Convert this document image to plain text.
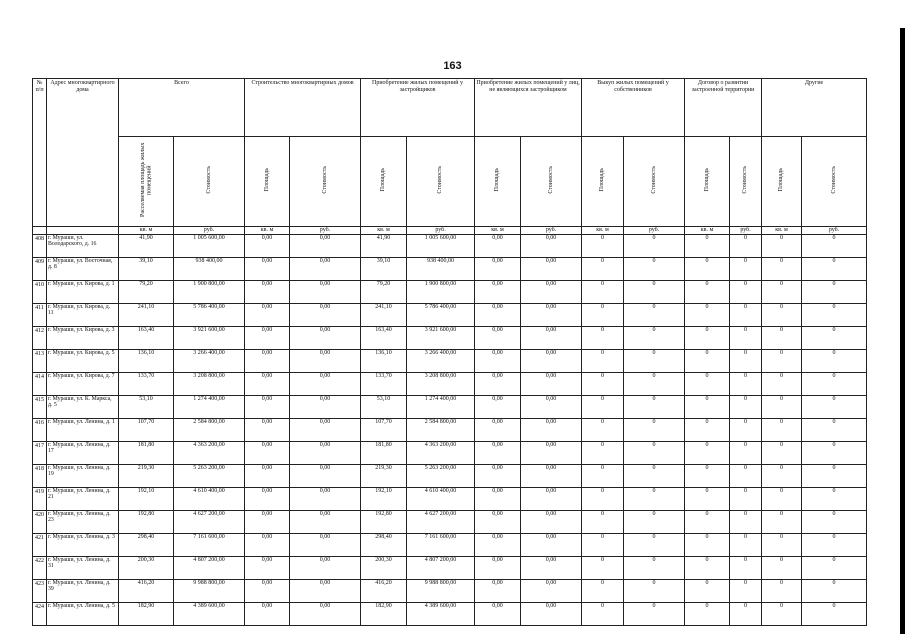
163
№ п/п	Адрес многоквартирного дома	Всего		Строительство многоквартирных домов		Приобретение жилых помещений у застройщиков		Приобретение жилых помещений у лиц, не являющихся застройщиком		Выкуп жилых помещений у собственников		Договор о развитии застроенной территории		Другие	
		Расселяемая площадь жилых помещений	Стоимость	Площадь	Стоимость	Площадь	Стоимость	Площадь	Стоимость	Площадь	Стоимость	Площадь	Стоимость	Площадь	Стоимость
		кв. м	руб.	кв. м	руб.	кв. м	руб.	кв. м	руб.	кв. м	руб.	кв. м	руб.	кв. м	руб.
408	г. Мураши, ул. Володарского, д. 16	41,90	1 005 600,00	0,00	0,00	41,90	1 005 600,00	0,00	0,00	0	0	0	0	0	0
409	г. Мураши, ул. Восточная, д. 8	39,10	938 400,00	0,00	0,00	39,10	938 400,00	0,00	0,00	0	0	0	0	0	0
410	г. Мураши, ул. Кирова, д. 1	79,20	1 900 800,00	0,00	0,00	79,20	1 900 800,00	0,00	0,00	0	0	0	0	0	0
411	г. Мураши, ул. Кирова, д. 11	241,10	5 786 400,00	0,00	0,00	241,10	5 786 400,00	0,00	0,00	0	0	0	0	0	0
412	г. Мураши, ул. Кирова, д. 3	163,40	3 921 600,00	0,00	0,00	163,40	3 921 600,00	0,00	0,00	0	0	0	0	0	0
413	г. Мураши, ул. Кирова, д. 5	136,10	3 266 400,00	0,00	0,00	136,10	3 266 400,00	0,00	0,00	0	0	0	0	0	0
414	г. Мураши, ул. Кирова, д. 7	133,70	3 208 800,00	0,00	0,00	133,70	3 208 800,00	0,00	0,00	0	0	0	0	0	0
415	г. Мураши, ул. К. Маркса, д. 5	53,10	1 274 400,00	0,00	0,00	53,10	1 274 400,00	0,00	0,00	0	0	0	0	0	0
416	г. Мураши, ул. Ленина, д. 1	107,70	2 584 800,00	0,00	0,00	107,70	2 584 800,00	0,00	0,00	0	0	0	0	0	0
417	г. Мураши, ул. Ленина, д. 17	181,80	4 363 200,00	0,00	0,00	181,80	4 363 200,00	0,00	0,00	0	0	0	0	0	0
418	г. Мураши, ул. Ленина, д. 19	219,30	5 263 200,00	0,00	0,00	219,30	5 263 200,00	0,00	0,00	0	0	0	0	0	0
419	г. Мураши, ул. Ленина, д. 21	192,10	4 610 400,00	0,00	0,00	192,10	4 610 400,00	0,00	0,00	0	0	0	0	0	0
420	г. Мураши, ул. Ленина, д. 23	192,80	4 627 200,00	0,00	0,00	192,80	4 627 200,00	0,00	0,00	0	0	0	0	0	0
421	г. Мураши, ул. Ленина, д. 3	298,40	7 161 600,00	0,00	0,00	298,40	7 161 600,00	0,00	0,00	0	0	0	0	0	0
422	г. Мураши, ул. Ленина, д. 31	200,30	4 807 200,00	0,00	0,00	200,30	4 807 200,00	0,00	0,00	0	0	0	0	0	0
423	г. Мураши, ул. Ленина, д. 39	416,20	9 988 800,00	0,00	0,00	416,20	9 988 800,00	0,00	0,00	0	0	0	0	0	0
424	г. Мураши, ул. Ленина, д. 5	182,90	4 389 600,00	0,00	0,00	182,90	4 389 600,00	0,00	0,00	0	0	0	0	0	0
